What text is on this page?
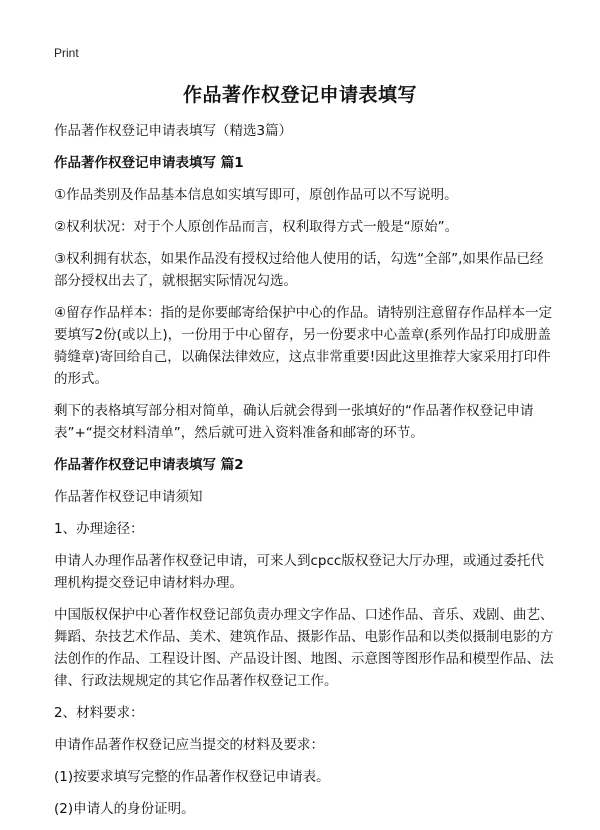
Print
作品著作权登记申请表填写
作品著作权登记申请表填写（精选3篇）
作品著作权登记申请表填写 篇1
①作品类别及作品基本信息如实填写即可，原创作品可以不写说明。
②权利状况：对于个人原创作品而言，权利取得方式一般是“原始”。
③权利拥有状态，如果作品没有授权过给他人使用的话，勾选“全部”,如果作品已经部分授权出去了，就根据实际情况勾选。
④留存作品样本：指的是你要邮寄给保护中心的作品。请特别注意留存作品样本一定要填写2份(或以上)，一份用于中心留存，另一份要求中心盖章(系列作品打印成册盖骑缝章)寄回给自己，以确保法律效应，这点非常重要!因此这里推荐大家采用打印件的形式。
剩下的表格填写部分相对简单，确认后就会得到一张填好的“作品著作权登记申请表”+“提交材料清单”，然后就可进入资料准备和邮寄的环节。
作品著作权登记申请表填写 篇2
作品著作权登记申请须知
1、办理途径：
申请人办理作品著作权登记申请，可来人到cpcc版权登记大厅办理，或通过委托代理机构提交登记申请材料办理。
中国版权保护中心著作权登记部负责办理文字作品、口述作品、音乐、戏剧、曲艺、舞蹈、杂技艺术作品、美术、建筑作品、摄影作品、电影作品和以类似摄制电影的方法创作的作品、工程设计图、产品设计图、地图、示意图等图形作品和模型作品、法律、行政法规规定的其它作品著作权登记工作。
2、材料要求：
申请作品著作权登记应当提交的材料及要求：
(1)按要求填写完整的作品著作权登记申请表。
(2)申请人的身份证明。
